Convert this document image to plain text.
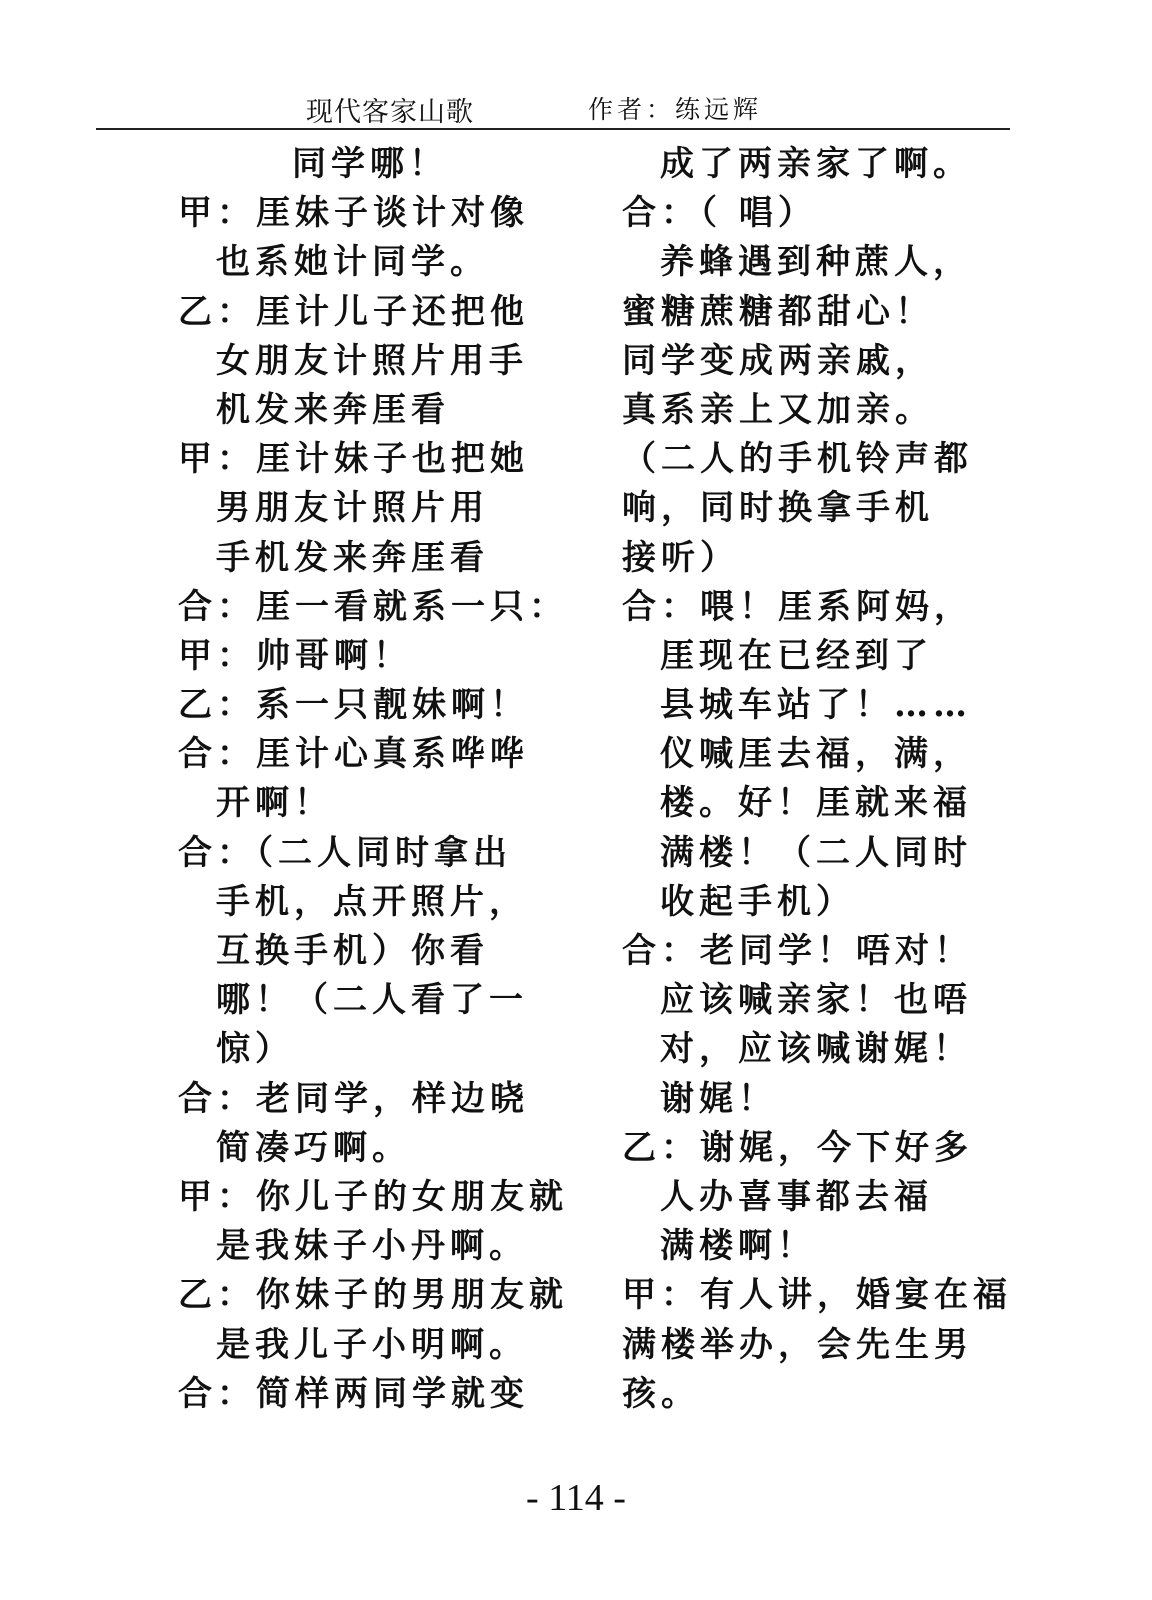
现代客家山歌	作者：练远辉
同学哪！
甲：厓妹子谈计对像
也系她计同学。
乙：厓计儿子还把他
女朋友计照片用手
机发来奔厓看
甲：厓计妹子也把她
男朋友计照片用
手机发来奔厓看
合：厓一看就系一只：
甲：帅哥啊！
乙：系一只靓妹啊！
合：厓计心真系哗哗
开啊！
合：（二人同时拿出
手机，点开照片，
互换手机）你看
哪！（二人看了一
惊）
合：老同学，样边晓
简凑巧啊。
甲：你儿子的女朋友就
是我妹子小丹啊。
乙：你妹子的男朋友就
是我儿子小明啊。
合：简样两同学就变
成了两亲家了啊。
合：（ 唱）
养蜂遇到种蔗人，
蜜糖蔗糖都甜心！
同学变成两亲戚，
真系亲上又加亲。
（二人的手机铃声都
响，同时换拿手机
接听）
合：喂！厓系阿妈，
厓现在已经到了
县城车站了！……
仪喊厓去福，满，
楼。好！厓就来福
满楼！（二人同时
收起手机）
合：老同学！唔对！
应该喊亲家！也唔
对，应该喊谢娓！
谢娓！
乙：谢娓，今下好多
人办喜事都去福
满楼啊！
甲：有人讲，婚宴在福
满楼举办，会先生男
孩。
- 114 -
